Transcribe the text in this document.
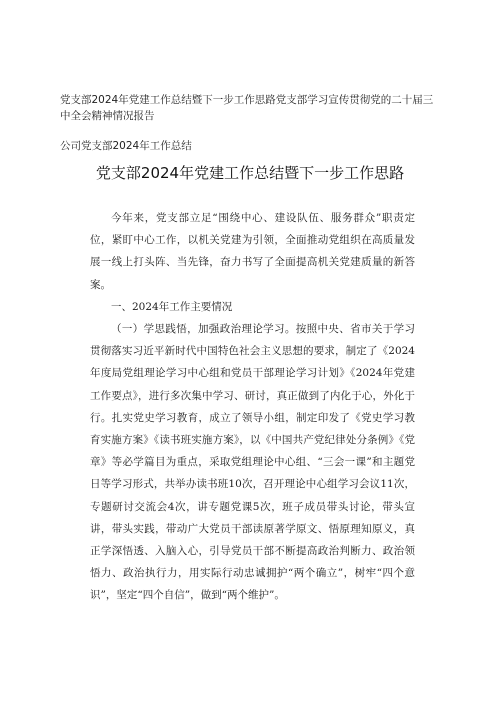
党支部2024年党建工作总结暨下一步工作思路党支部学习宣传贯彻党的二十届三中全会精神情况报告
公司党支部2024年工作总结
党支部2024年党建工作总结暨下一步工作思路

今年来，党支部立足“围绕中心、建设队伍、服务群众”职责定位，紧盯中心工作，以机关党建为引领，全面推动党组织在高质量发展一线上打头阵、当先锋，奋力书写了全面提高机关党建质量的新答案。

一、2024年工作主要情况

（一）学思践悟，加强政治理论学习。按照中央、省市关于学习贯彻落实习近平新时代中国特色社会主义思想的要求，制定了《2024年度局党组理论学习中心组和党员干部理论学习计划》《2024年党建工作要点》，进行多次集中学习、研讨，真正做到了内化于心，外化于行。扎实党史学习教育，成立了领导小组，制定印发了《党史学习教育实施方案》《读书班实施方案》，以《中国共产党纪律处分条例》《党章》等必学篇目为重点，采取党组理论中心组、“三会一课”和主题党日等学习形式，共举办读书班10次，召开理论中心组学习会议11次，专题研讨交流会4次，讲专题党课5次，班子成员带头讨论，带头宣讲，带头实践，带动广大党员干部读原著学原文、悟原理知原义，真正学深悟透、入脑入心，引导党员干部不断提高政治判断力、政治领悟力、政治执行力，用实际行动忠诚拥护“两个确立”，树牢“四个意识”，坚定“四个自信”，做到“两个维护”。
